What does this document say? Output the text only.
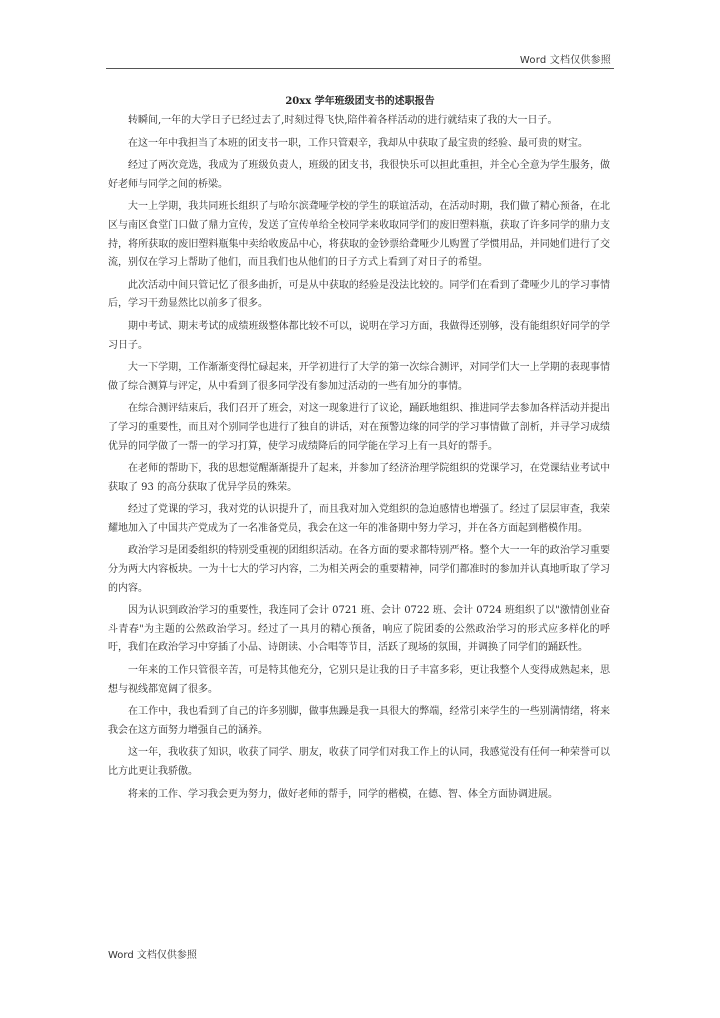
Word 文档仅供参照
20xx 学年班级团支书的述职报告

转瞬间,一年的大学日子已经过去了,时刻过得飞快,陪伴着各样活动的进行就结束了我的大一日子。

在这一年中我担当了本班的团支书一职，工作只管艰辛，我却从中获取了最宝贵的经验、最可贵的财宝。

经过了两次竞选，我成为了班级负责人，班级的团支书，我很快乐可以担此重担，并全心全意为学生服务，做好老师与同学之间的桥梁。

大一上学期，我共同班长组织了与哈尔滨聋哑学校的学生的联谊活动，在活动时期，我们做了精心预备，在北区与南区食堂门口做了鼎力宣传，发送了宣传单给全校同学来收取同学们的废旧塑料瓶，获取了许多同学的鼎力支持，将所获取的废旧塑料瓶集中卖给收废品中心，将获取的金钞票给聋哑少儿购置了学惯用品，并同她们进行了交流，别仅在学习上帮助了他们，而且我们也从他们的日子方式上看到了对日子的希望。

此次活动中间只管记忆了很多曲折，可是从中获取的经验是没法比较的。同学们在看到了聋哑少儿的学习事情后，学习干劲显然比以前多了很多。

期中考试、期末考试的成绩班级整体都比较不可以，说明在学习方面，我做得还别够，没有能组织好同学的学习日子。

大一下学期，工作渐渐变得忙碌起来，开学初进行了大学的第一次综合测评，对同学们大一上学期的表现事情做了综合测算与评定，从中看到了很多同学没有参加过活动的一些有加分的事情。

在综合测评结束后，我们召开了班会，对这一现象进行了议论，踊跃地组织、推进同学去参加各样活动并提出了学习的重要性，而且对个别同学也进行了独自的讲话，对在预警边缘的同学的学习事情做了剖析，并寻学习成绩优异的同学做了一帮一的学习打算，使学习成绩降后的同学能在学习上有一具好的帮手。

在老师的帮助下，我的思想觉醒渐渐提升了起来，并参加了经济治理学院组织的党课学习，在党课结业考试中获取了 93 的高分获取了优异学员的殊荣。

经过了党课的学习，我对党的认识提升了，而且我对加入党组织的急迫感情也增强了。经过了层层审查，我荣耀地加入了中国共产党成为了一名准备党员，我会在这一年的准备期中努力学习，并在各方面起到楷模作用。

政治学习是团委组织的特别受重视的团组织活动。在各方面的要求都特别严格。整个大一一年的政治学习重要分为两大内容板块。一为十七大的学习内容，二为相关两会的重要精神，同学们都准时的参加并认真地听取了学习的内容。

因为认识到政治学习的重要性，我连同了会计 0721 班、会计 0722 班、会计 0724 班组织了以"激情创业奋斗青春"为主题的公然政治学习。经过了一具月的精心预备，响应了院团委的公然政治学习的形式应多样化的呼吁，我们在政治学习中穿插了小品、诗朗读、小合唱等节目，活跃了现场的氛围，并调换了同学们的踊跃性。

一年来的工作只管很辛苦，可是特其他充分，它别只是让我的日子丰富多彩，更让我整个人变得成熟起来，思想与视线都宽阔了很多。

在工作中，我也看到了自己的许多别脚，做事焦躁是我一具很大的弊端，经常引来学生的一些别满情绪，将来我会在这方面努力增强自己的涵养。

这一年，我收获了知识，收获了同学、朋友，收获了同学们对我工作上的认同，我感觉没有任何一种荣誉可以比方此更让我骄傲。

将来的工作、学习我会更为努力，做好老师的帮手，同学的楷模，在德、智、体全方面协调进展。

Word 文档仅供参照
